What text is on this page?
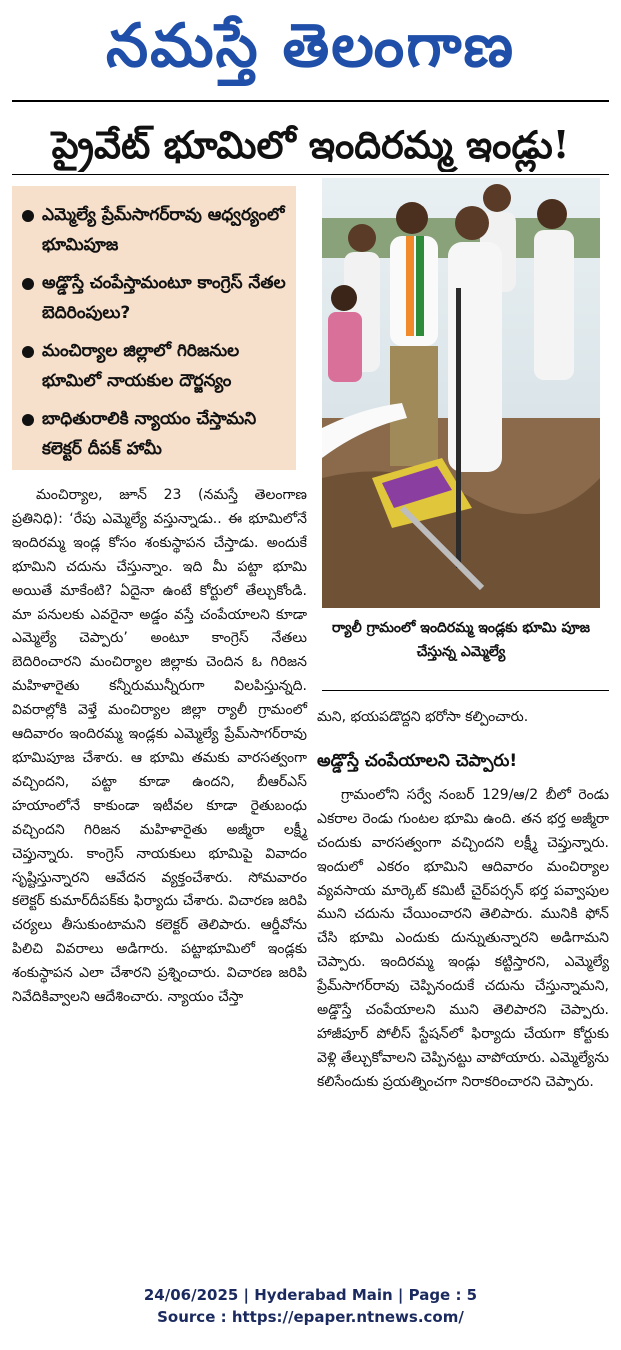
నమస్తే తెలంగాణ
ప్రైవేట్ భూమిలో ఇందిరమ్మ ఇండ్లు!
ఎమ్మెల్యే ప్రేమ్‌సాగర్‌రావు ఆధ్వర్యంలో భూమిపూజ
అడ్డొస్తే చంపేస్తామంటూ కాంగ్రెస్ నేతల బెదిరింపులు?
మంచిర్యాల జిల్లాలో గిరిజనుల భూమిలో నాయకుల దౌర్జన్యం
బాధితురాలికి న్యాయం చేస్తామని కలెక్టర్ దీపక్ హామీ
ర్యాలీ గ్రామంలో ఇందిరమ్మ ఇండ్లకు భూమి పూజ చేస్తున్న ఎమ్మెల్యే

మంచిర్యాల, జూన్ 23 (నమస్తే తెలంగాణ ప్రతినిధి): ‘రేపు ఎమ్మెల్యే వస్తున్నాడు.. ఈ భూమిలోనే ఇందిరమ్మ ఇండ్ల కోసం శంకుస్థాపన చేస్తాడు. అందుకే భూమిని చదును చేస్తున్నాం. ఇది మీ పట్టా భూమి అయితే మాకేంటి? ఏదైనా ఉంటే కోర్టులో తేల్చుకోండి. మా పనులకు ఎవరైనా అడ్డం వస్తే చంపేయాలని కూడా ఎమ్మెల్యే చెప్పారు’ అంటూ కాంగ్రెస్ నేతలు బెదిరించారని మంచిర్యాల జిల్లాకు చెందిన ఓ గిరిజన మహిళారైతు కన్నీరుమున్నీరుగా విలపిస్తున్నది. వివరాల్లోకి వెళ్తే మంచిర్యాల జిల్లా ర్యాలీ గ్రామంలో ఆదివారం ఇందిరమ్మ ఇండ్లకు ఎమ్మెల్యే ప్రేమ్‌సాగర్‌రావు భూమిపూజ చేశారు. ఆ భూమి తమకు వారసత్వంగా వచ్చిందని, పట్టా కూడా ఉందని, బీఆర్ఎస్ హయాంలోనే కాకుండా ఇటీవల కూడా రైతుబంధు వచ్చిందని గిరిజన మహిళారైతు అజ్మీరా లక్ష్మీ చెప్తున్నారు. కాంగ్రెస్ నాయకులు భూమిపై వివాదం సృష్టిస్తున్నారని ఆవేదన వ్యక్తంచేశారు. సోమవారం కలెక్టర్ కుమార్‌దీపక్‌కు ఫిర్యాదు చేశారు. విచారణ జరిపి చర్యలు తీసుకుంటామని కలెక్టర్ తెలిపారు. ఆర్డీవోను పిలిచి వివరాలు అడిగారు. పట్టాభూమిలో ఇండ్లకు శంకుస్థాపన ఎలా చేశారని ప్రశ్నించారు. విచారణ జరిపి నివేదికివ్వాలని ఆదేశించారు. న్యాయం చేస్తా

మని, భయపడొద్దని భరోసా కల్పించారు.

అడ్డొస్తే చంపేయాలని చెప్పారు!

గ్రామంలోని సర్వే నంబర్ 129/ఆ/2 బీలో రెండు ఎకరాల రెండు గుంటల భూమి ఉంది. తన భర్త అజ్మీరా చందుకు వారసత్వంగా వచ్చిందని లక్ష్మీ చెప్తున్నారు. ఇందులో ఎకరం భూమిని ఆదివారం మంచిర్యాల వ్యవసాయ మార్కెట్ కమిటీ చైర్‌పర్సన్ భర్త పవ్వాపుల ముని చదును చేయించారని తెలిపారు. మునికి ఫోన్ చేసి భూమి ఎందుకు దున్నుతున్నారని అడిగామని చెప్పారు. ఇందిరమ్మ ఇండ్లు కట్టిస్తారని, ఎమ్మెల్యే ప్రేమ్‌సాగర్‌రావు చెప్పినందుకే చదును చేస్తున్నామని, అడ్డొస్తే చంపేయాలని ముని తెలిపారని చెప్పారు. హాజీపూర్ పోలీస్ స్టేషన్‌లో ఫిర్యాదు చేయగా కోర్టుకు వెళ్లి తేల్చుకోవాలని చెప్పినట్టు వాపోయారు. ఎమ్మెల్యేను కలిసేందుకు ప్రయత్నించగా నిరాకరించారని చెప్పారు.

24/06/2025 | Hyderabad Main | Page : 5
Source : https://epaper.ntnews.com/
